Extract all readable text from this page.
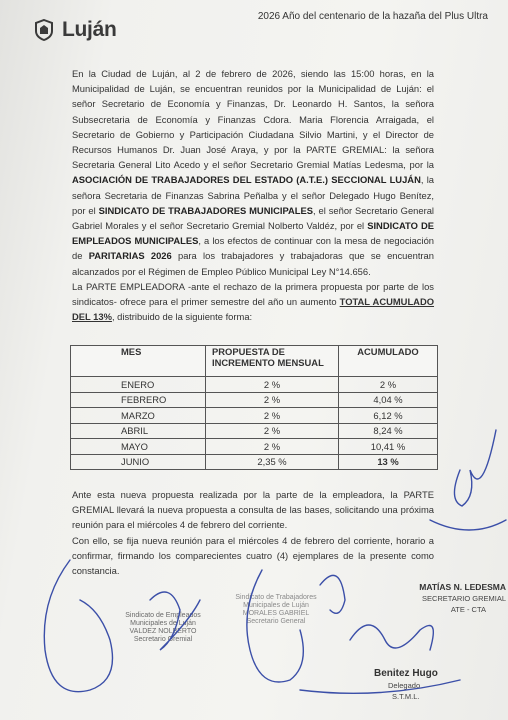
Luján
2026 Año del centenario de la hazaña del Plus Ultra

En la Ciudad de Luján, al 2 de febrero de 2026, siendo las 15:00 horas, en la Municipalidad de Luján, se encuentran reunidos por la Municipalidad de Luján: el señor Secretario de Economía y Finanzas, Dr. Leonardo H. Santos, la señora Subsecretaria de Economía y Finanzas Cdora. Maria Florencia Arraigada, el Secretario de Gobierno y Participación Ciudadana Silvio Martini, y el Director de Recursos Humanos Dr. Juan José Araya, y por la PARTE GREMIAL: la señora Secretaria General Lito Acedo y el señor Secretario Gremial Matías Ledesma, por la ASOCIACIÓN DE TRABAJADORES DEL ESTADO (A.T.E.) SECCIONAL LUJÁN, la señora Secretaria de Finanzas Sabrina Peñalba y el señor Delegado Hugo Benítez, por el SINDICATO DE TRABAJADORES MUNICIPALES, el señor Secretario General Gabriel Morales y el señor Secretario Gremial Nolberto Valdéz, por el SINDICATO DE EMPLEADOS MUNICIPALES, a los efectos de continuar con la mesa de negociación de PARITARIAS 2026 para los trabajadores y trabajadoras que se encuentran alcanzados por el Régimen de Empleo Público Municipal Ley N°14.656.

La PARTE EMPLEADORA -ante el rechazo de la primera propuesta por parte de los sindicatos- ofrece para el primer semestre del año un aumento TOTAL ACUMULADO DEL 13%, distribuido de la siguiente forma:

MES	PROPUESTA DE INCREMENTO MENSUAL	ACUMULADO
ENERO	2 %	2 %
FEBRERO	2 %	4,04 %
MARZO	2 %	6,12 %
ABRIL	2 %	8,24 %
MAYO	2 %	10,41 %
JUNIO	2,35 %	13 %

Ante esta nueva propuesta realizada por la parte de la empleadora, la PARTE GREMIAL llevará la nueva propuesta a consulta de las bases, solicitando una próxima reunión para el miércoles 4 de febrero del corriente.

Con ello, se fija nueva reunión para el miércoles 4 de febrero del corriente, horario a confirmar, firmando los comparecientes cuatro (4) ejemplares de la presente como constancia.

Sindicato de Empleados Municipales de Luján VALDEZ NOLBERTO Secretario Gremial
Sindicato de Trabajadores Municipales de Luján MORALES GABRIEL Secretario General
MATÍAS N. LEDESMA
SECRETARIO GREMIAL
ATE - CTA
Benitez Hugo
Delegado
S.T.M.L.
